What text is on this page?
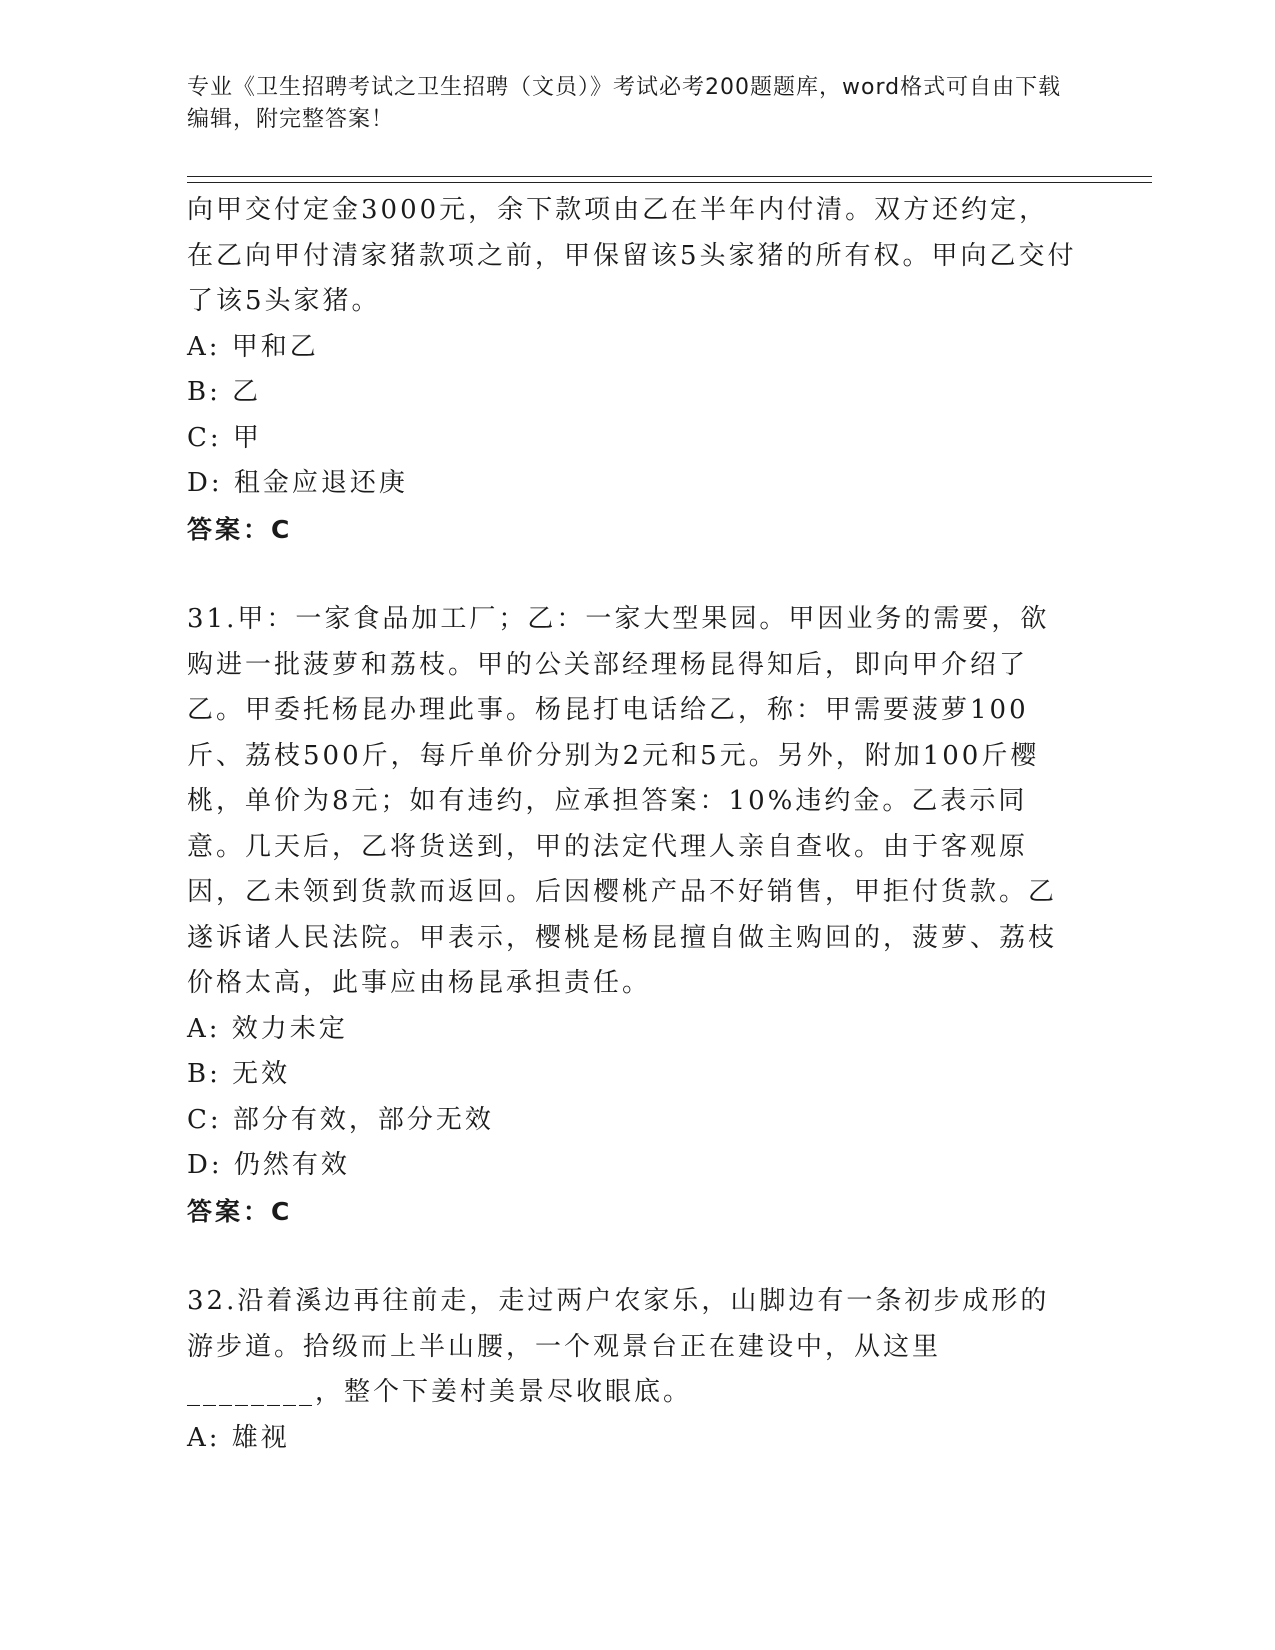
专业《卫生招聘考试之卫生招聘（文员）》考试必考200题题库，word格式可自由下载编辑，附完整答案！

向甲交付定金3000元，余下款项由乙在半年内付清。双方还约定，在乙向甲付清家猪款项之前，甲保留该5头家猪的所有权。甲向乙交付了该5头家猪。

A: 甲和乙

B: 乙

C: 甲

D: 租金应退还庚

答案：C

31.甲：一家食品加工厂；乙：一家大型果园。甲因业务的需要，欲购进一批菠萝和荔枝。甲的公关部经理杨昆得知后，即向甲介绍了乙。甲委托杨昆办理此事。杨昆打电话给乙，称：甲需要菠萝100斤、荔枝500斤，每斤单价分别为2元和5元。另外，附加100斤樱桃，单价为8元；如有违约，应承担答案：10%违约金。乙表示同意。几天后，乙将货送到，甲的法定代理人亲自查收。由于客观原因，乙未领到货款而返回。后因樱桃产品不好销售，甲拒付货款。乙遂诉诸人民法院。甲表示，樱桃是杨昆擅自做主购回的，菠萝、荔枝价格太高，此事应由杨昆承担责任。

A: 效力未定

B: 无效

C: 部分有效，部分无效

D: 仍然有效

答案：C

32.沿着溪边再往前走，走过两户农家乐，山脚边有一条初步成形的游步道。拾级而上半山腰，一个观景台正在建设中，从这里________，整个下姜村美景尽收眼底。

A: 雄视
